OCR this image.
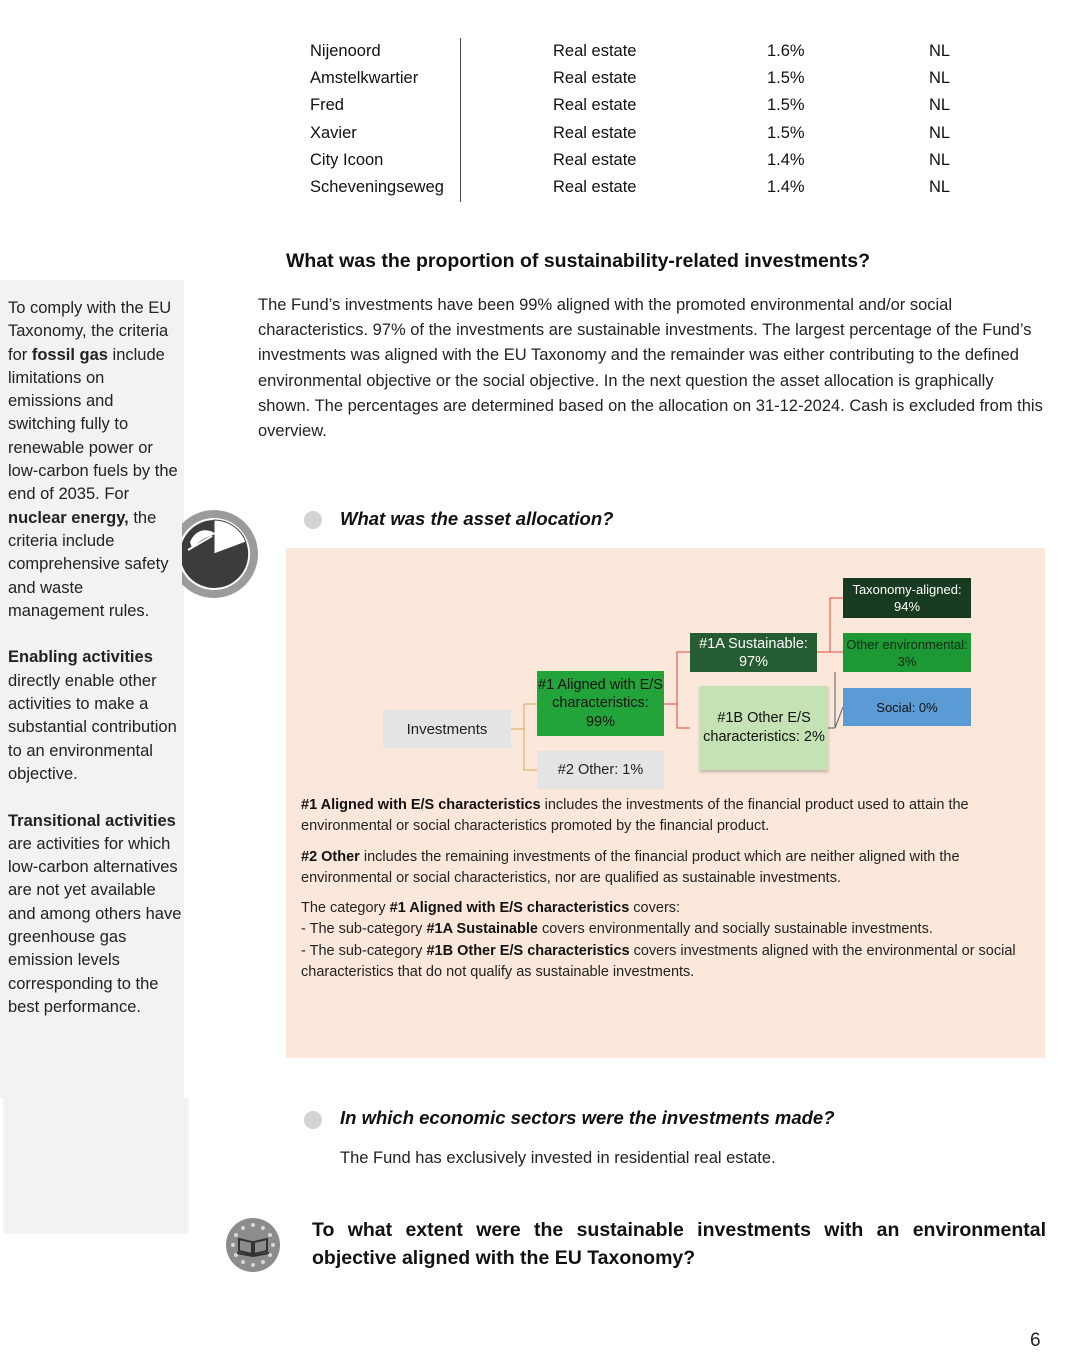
Nijenoord	Real estate	1.6%	NL
Amstelkwartier	Real estate	1.5%	NL
Fred	Real estate	1.5%	NL
Xavier	Real estate	1.5%	NL
City Icoon	Real estate	1.4%	NL
Scheveningseweg	Real estate	1.4%	NL

To comply with the EU Taxonomy, the criteria for fossil gas include limitations on emissions and switching fully to renewable power or low-carbon fuels by the end of 2035. For nuclear energy, the criteria include comprehensive safety and waste management rules.

Enabling activities directly enable other activities to make a substantial contribution to an environmental objective.

Transitional activities are activities for which low-carbon alternatives are not yet available and among others have greenhouse gas emission levels corresponding to the best performance.

What was the proportion of sustainability-related investments?
The Fund’s investments have been 99% aligned with the promoted environmental and/or social characteristics. 97% of the investments are sustainable investments. The largest percentage of the Fund’s investments was aligned with the EU Taxonomy and the remainder was either contributing to the defined environmental objective or the social objective. In the next question the asset allocation is graphically shown. The percentages are determined based on the allocation on 31-12-2024. Cash is excluded from this overview.
What was the asset allocation?
Investments
#1 Aligned with E/S characteristics: 99%
#2 Other: 1%
#1A Sustainable: 97%
#1B Other E/S characteristics: 2%
Taxonomy-aligned: 94%
Other environmental: 3%
Social: 0%

#1 Aligned with E/S characteristics includes the investments of the financial product used to attain the environmental or social characteristics promoted by the financial product.

#2 Other includes the remaining investments of the financial product which are neither aligned with the environmental or social characteristics, nor are qualified as sustainable investments.

The category #1 Aligned with E/S characteristics covers:
- The sub-category #1A Sustainable covers environmentally and socially sustainable investments.
- The sub-category #1B Other E/S characteristics covers investments aligned with the environmental or social characteristics that do not qualify as sustainable investments.

In which economic sectors were the investments made?
The Fund has exclusively invested in residential real estate.
To what extent were the sustainable investments with an environmental objective aligned with the EU Taxonomy?
6
